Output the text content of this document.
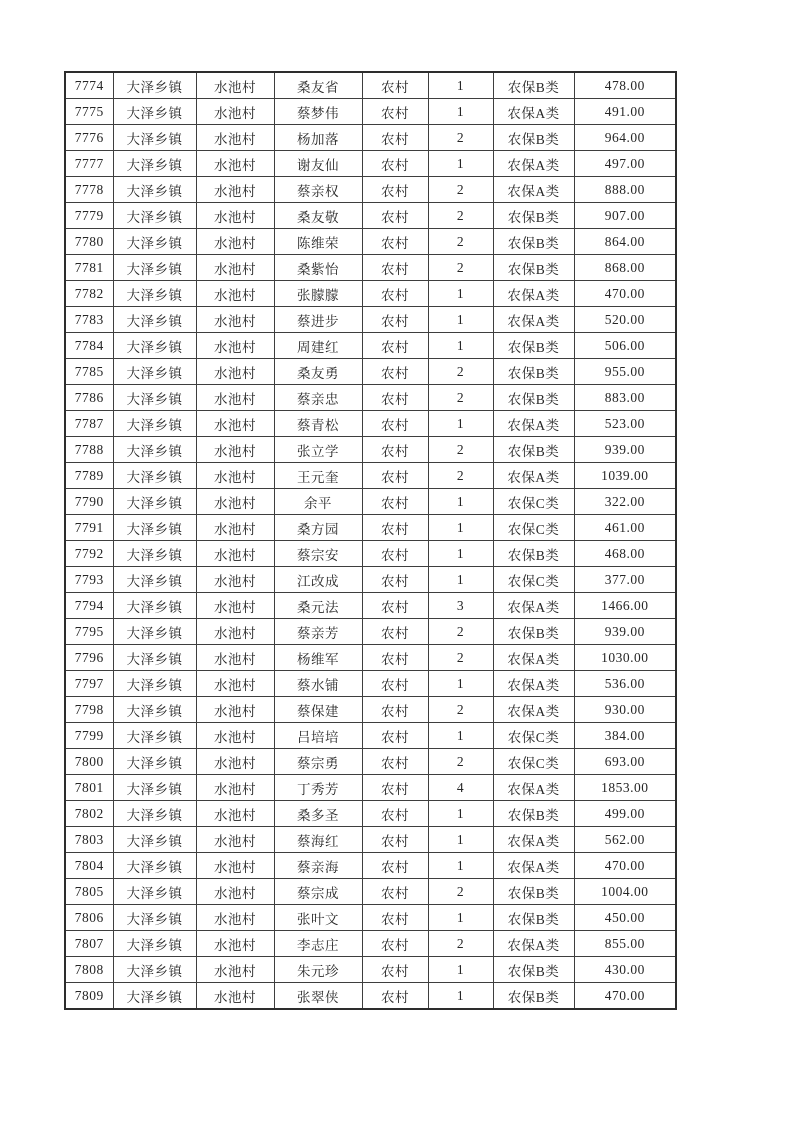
7774	大泽乡镇	水池村	桑友省	农村	1	农保B类	478.00
7775	大泽乡镇	水池村	蔡梦伟	农村	1	农保A类	491.00
7776	大泽乡镇	水池村	杨加落	农村	2	农保B类	964.00
7777	大泽乡镇	水池村	谢友仙	农村	1	农保A类	497.00
7778	大泽乡镇	水池村	蔡亲权	农村	2	农保A类	888.00
7779	大泽乡镇	水池村	桑友敬	农村	2	农保B类	907.00
7780	大泽乡镇	水池村	陈维荣	农村	2	农保B类	864.00
7781	大泽乡镇	水池村	桑紫怡	农村	2	农保B类	868.00
7782	大泽乡镇	水池村	张朦朦	农村	1	农保A类	470.00
7783	大泽乡镇	水池村	蔡进步	农村	1	农保A类	520.00
7784	大泽乡镇	水池村	周建红	农村	1	农保B类	506.00
7785	大泽乡镇	水池村	桑友勇	农村	2	农保B类	955.00
7786	大泽乡镇	水池村	蔡亲忠	农村	2	农保B类	883.00
7787	大泽乡镇	水池村	蔡青松	农村	1	农保A类	523.00
7788	大泽乡镇	水池村	张立学	农村	2	农保B类	939.00
7789	大泽乡镇	水池村	王元奎	农村	2	农保A类	1039.00
7790	大泽乡镇	水池村	余平	农村	1	农保C类	322.00
7791	大泽乡镇	水池村	桑方园	农村	1	农保C类	461.00
7792	大泽乡镇	水池村	蔡宗安	农村	1	农保B类	468.00
7793	大泽乡镇	水池村	江改成	农村	1	农保C类	377.00
7794	大泽乡镇	水池村	桑元法	农村	3	农保A类	1466.00
7795	大泽乡镇	水池村	蔡亲芳	农村	2	农保B类	939.00
7796	大泽乡镇	水池村	杨维军	农村	2	农保A类	1030.00
7797	大泽乡镇	水池村	蔡水铺	农村	1	农保A类	536.00
7798	大泽乡镇	水池村	蔡保建	农村	2	农保A类	930.00
7799	大泽乡镇	水池村	吕培培	农村	1	农保C类	384.00
7800	大泽乡镇	水池村	蔡宗勇	农村	2	农保C类	693.00
7801	大泽乡镇	水池村	丁秀芳	农村	4	农保A类	1853.00
7802	大泽乡镇	水池村	桑多圣	农村	1	农保B类	499.00
7803	大泽乡镇	水池村	蔡海红	农村	1	农保A类	562.00
7804	大泽乡镇	水池村	蔡亲海	农村	1	农保A类	470.00
7805	大泽乡镇	水池村	蔡宗成	农村	2	农保B类	1004.00
7806	大泽乡镇	水池村	张叶文	农村	1	农保B类	450.00
7807	大泽乡镇	水池村	李志庄	农村	2	农保A类	855.00
7808	大泽乡镇	水池村	朱元珍	农村	1	农保B类	430.00
7809	大泽乡镇	水池村	张翠侠	农村	1	农保B类	470.00
